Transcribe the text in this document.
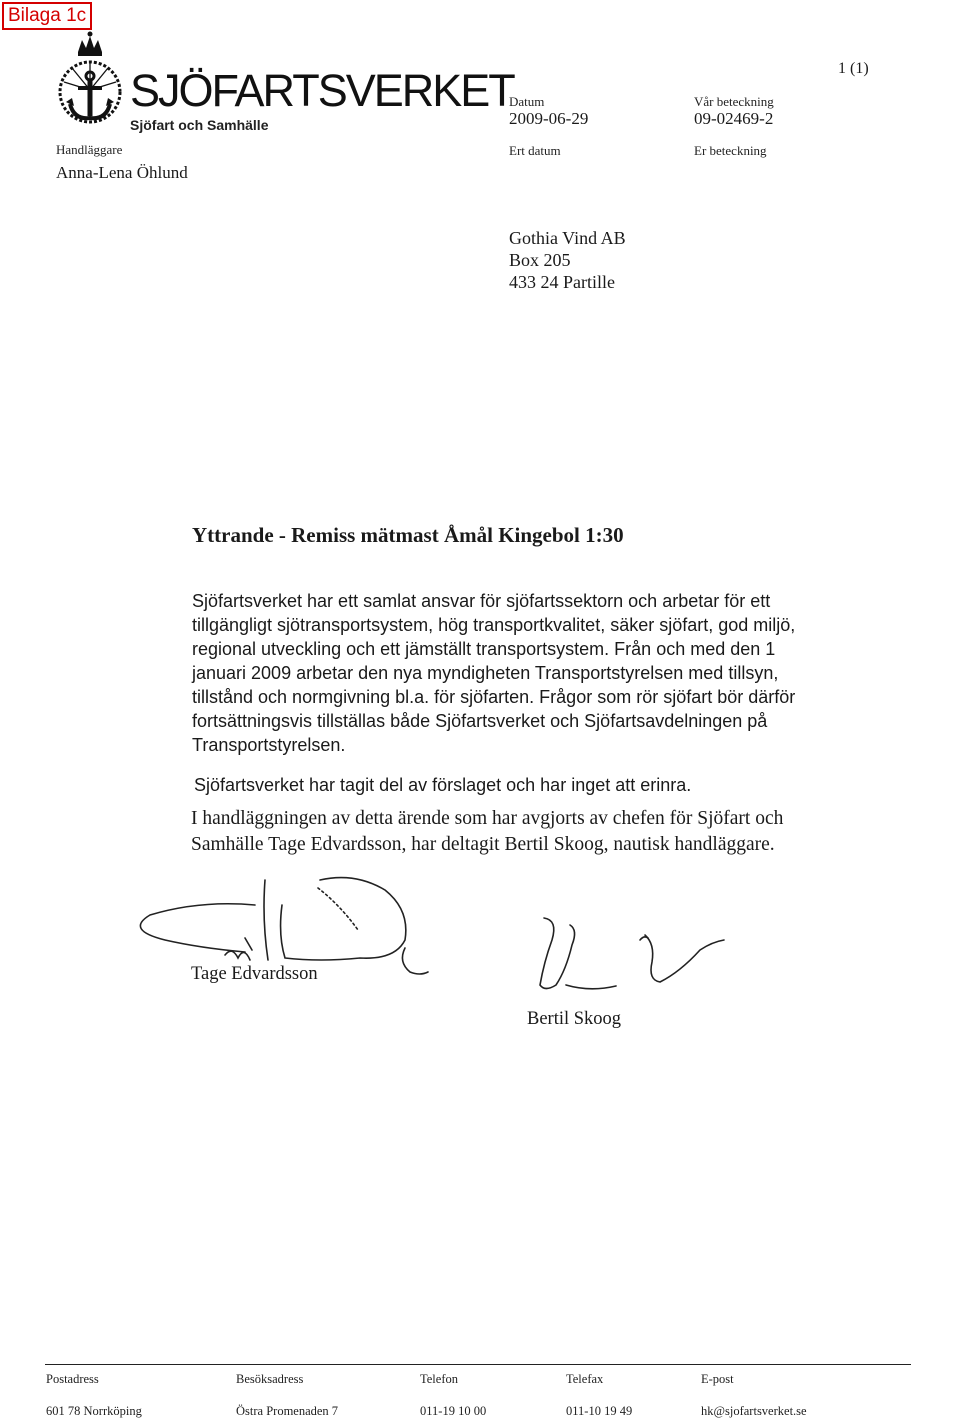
Bilaga 1c
1 (1)
SJÖFARTSVERKET
Sjöfart och Samhälle
Handläggare
Anna-Lena Öhlund
Datum
2009-06-29
Ert datum
Vår beteckning
09-02469-2
Er beteckning
Gothia Vind AB
Box 205
433 24 Partille
Yttrande - Remiss mätmast Åmål Kingebol 1:30
Sjöfartsverket har ett samlat ansvar för sjöfartssektorn och arbetar för ett tillgängligt sjötransportsystem, hög transportkvalitet, säker sjöfart, god miljö, regional utveckling och ett jämställt transportsystem. Från och med den 1 januari 2009 arbetar den nya myndigheten Transportstyrelsen med tillsyn, tillstånd och normgivning bl.a. för sjöfarten. Frågor som rör sjöfart bör därför fortsättningsvis tillställas både Sjöfartsverket och Sjöfartsavdelningen på Transportstyrelsen.
Sjöfartsverket har tagit del av förslaget och har inget att erinra.
I handläggningen av detta ärende som har avgjorts av chefen för Sjöfart och Samhälle Tage Edvardsson, har deltagit Bertil Skoog, nautisk handläggare.
Tage Edvardsson
Bertil Skoog
Postadress
601 78 Norrköping
Besöksadress
Östra Promenaden 7
Telefon
011-19 10 00
Telefax
011-10 19 49
E-post
hk@sjofartsverket.se
